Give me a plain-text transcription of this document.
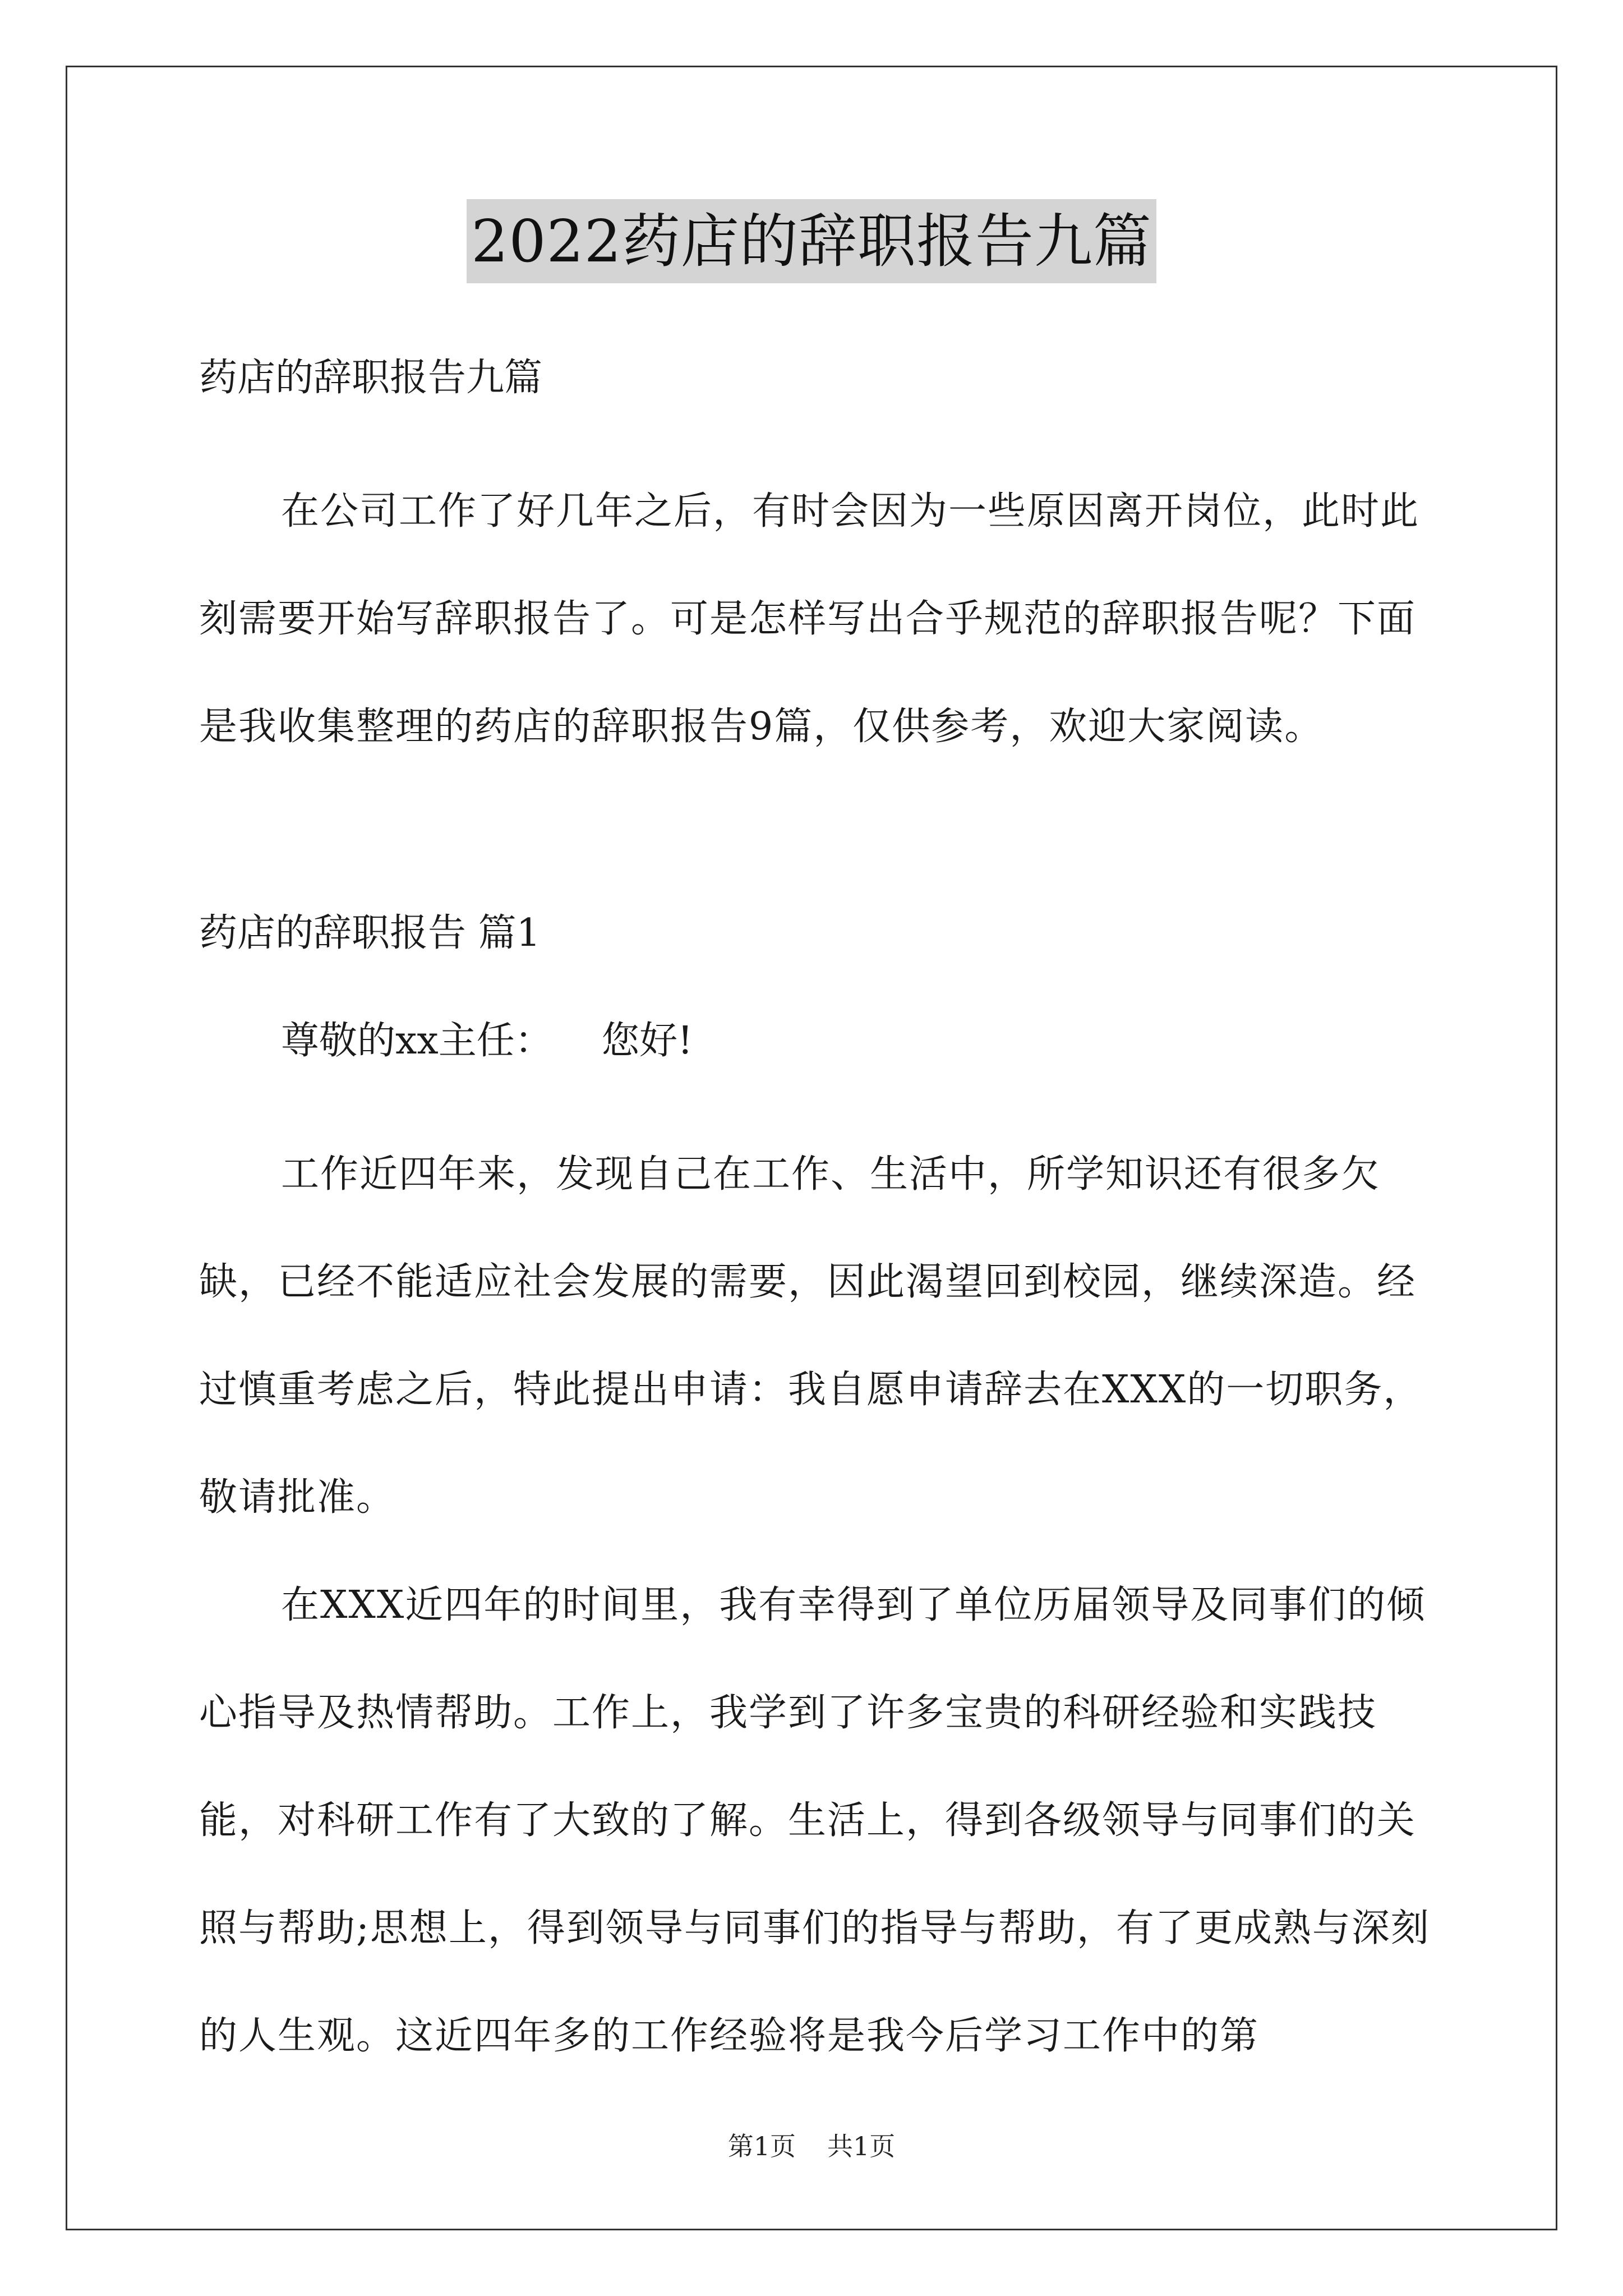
2022药店的辞职报告九篇

药店的辞职报告九篇

在公司工作了好几年之后，有时会因为一些原因离开岗位，此时此刻需要开始写辞职报告了。可是怎样写出合乎规范的辞职报告呢？下面是我收集整理的药店的辞职报告9篇，仅供参考，欢迎大家阅读。

药店的辞职报告 篇1

尊敬的xx主任：    您好!

工作近四年来，发现自己在工作、生活中，所学知识还有很多欠缺，已经不能适应社会发展的需要，因此渴望回到校园，继续深造。经过慎重考虑之后，特此提出申请：我自愿申请辞去在XXX的一切职务，敬请批准。

在XXX近四年的时间里，我有幸得到了单位历届领导及同事们的倾心指导及热情帮助。工作上，我学到了许多宝贵的科研经验和实践技能，对科研工作有了大致的了解。生活上，得到各级领导与同事们的关照与帮助;思想上，得到领导与同事们的指导与帮助，有了更成熟与深刻的人生观。这近四年多的工作经验将是我今后学习工作中的第

第1页 共1页
